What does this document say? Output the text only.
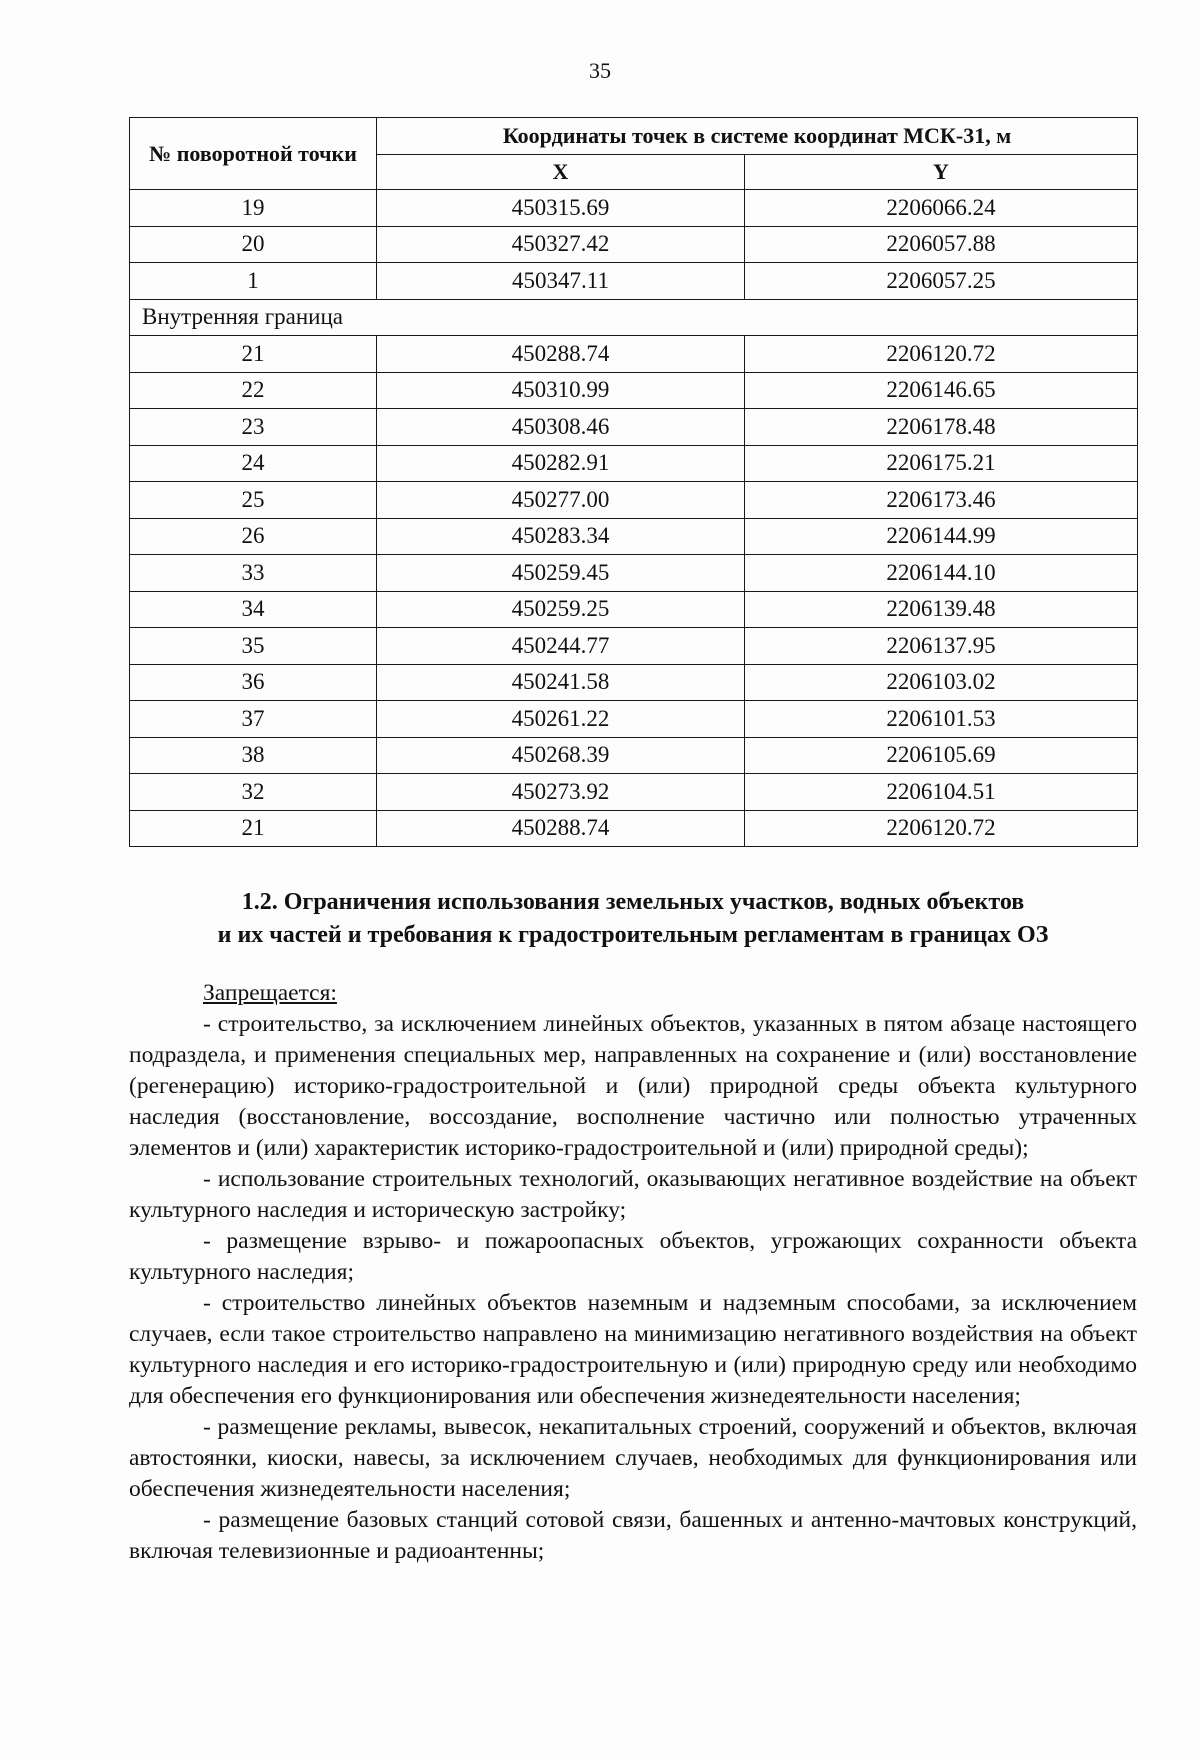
35
№ поворотной точки	Координаты точек в системе координат МСК-31, м	
	X	Y
19	450315.69	2206066.24
20	450327.42	2206057.88
1	450347.11	2206057.25
Внутренняя граница		
21	450288.74	2206120.72
22	450310.99	2206146.65
23	450308.46	2206178.48
24	450282.91	2206175.21
25	450277.00	2206173.46
26	450283.34	2206144.99
33	450259.45	2206144.10
34	450259.25	2206139.48
35	450244.77	2206137.95
36	450241.58	2206103.02
37	450261.22	2206101.53
38	450268.39	2206105.69
32	450273.92	2206104.51
21	450288.74	2206120.72
1.2. Ограничения использования земельных участков, водных объектов
и их частей и требования к градостроительным регламентам в границах ОЗ

Запрещается:

- строительство, за исключением линейных объектов, указанных в пятом абзаце настоящего подраздела, и применения специальных мер, направленных на сохранение и (или) восстановление (регенерацию) историко-градостроительной и (или) природной среды объекта культурного наследия (восстановление, воссоздание, восполнение частично или полностью утраченных элементов и (или) характеристик историко-градостроительной и (или) природной среды);

- использование строительных технологий, оказывающих негативное воздействие на объект культурного наследия и историческую застройку;

- размещение взрыво- и пожароопасных объектов, угрожающих сохранности объекта культурного наследия;

- строительство линейных объектов наземным и надземным способами, за исключением случаев, если такое строительство направлено на минимизацию негативного воздействия на объект культурного наследия и его историко-градостроительную и (или) природную среду или необходимо для обеспечения его функционирования или обеспечения жизнедеятельности населения;

- размещение рекламы, вывесок, некапитальных строений, сооружений и объектов, включая автостоянки, киоски, навесы, за исключением случаев, необходимых для функционирования или обеспечения жизнедеятельности населения;

- размещение базовых станций сотовой связи, башенных и антенно-мачтовых конструкций, включая телевизионные и радиоантенны;
